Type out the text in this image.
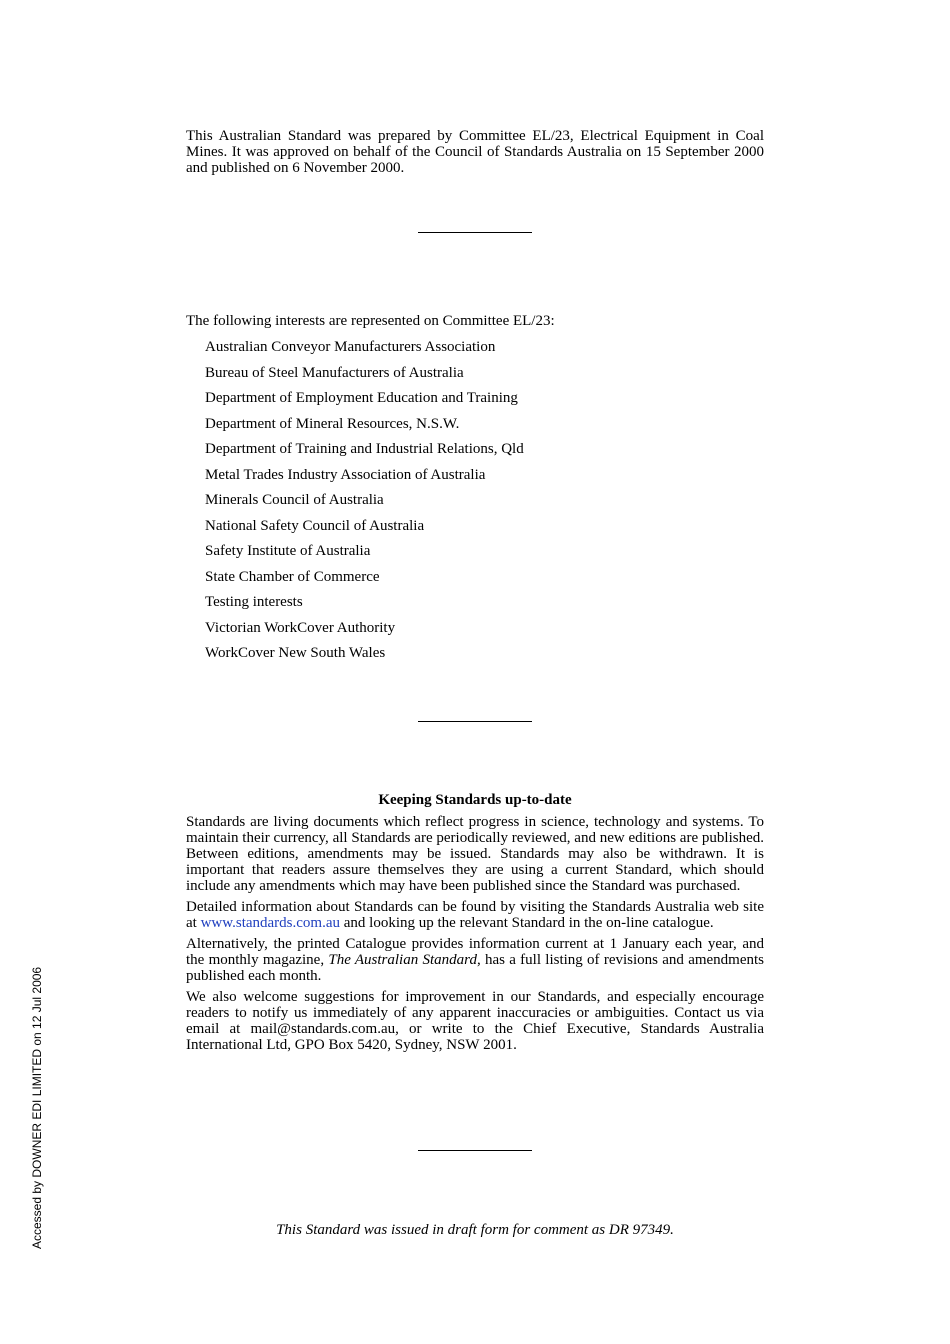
This Australian Standard was prepared by Committee EL/23, Electrical Equipment in Coal Mines. It was approved on behalf of the Council of Standards Australia on 15 September 2000 and published on 6 November 2000.

The following interests are represented on Committee EL/23:

Australian Conveyor Manufacturers Association
Bureau of Steel Manufacturers of Australia
Department of Employment Education and Training
Department of Mineral Resources, N.S.W.
Department of Training and Industrial Relations, Qld
Metal Trades Industry Association of Australia
Minerals Council of Australia
National Safety Council of Australia
Safety Institute of Australia
State Chamber of Commerce
Testing interests
Victorian WorkCover Authority
WorkCover New South Wales
Keeping Standards up-to-date

Standards are living documents which reflect progress in science, technology and systems. To maintain their currency, all Standards are periodically reviewed, and new editions are published. Between editions, amendments may be issued. Standards may also be withdrawn. It is important that readers assure themselves they are using a current Standard, which should include any amendments which may have been published since the Standard was purchased.

Detailed information about Standards can be found by visiting the Standards Australia web site at www.standards.com.au and looking up the relevant Standard in the on-line catalogue.

Alternatively, the printed Catalogue provides information current at 1 January each year, and the monthly magazine, The Australian Standard, has a full listing of revisions and amendments published each month.

We also welcome suggestions for improvement in our Standards, and especially encourage readers to notify us immediately of any apparent inaccuracies or ambiguities. Contact us via email at mail@standards.com.au, or write to the Chief Executive, Standards Australia International Ltd, GPO Box 5420, Sydney, NSW 2001.

This Standard was issued in draft form for comment as DR 97349.
Accessed by DOWNER EDI LIMITED on 12 Jul 2006
